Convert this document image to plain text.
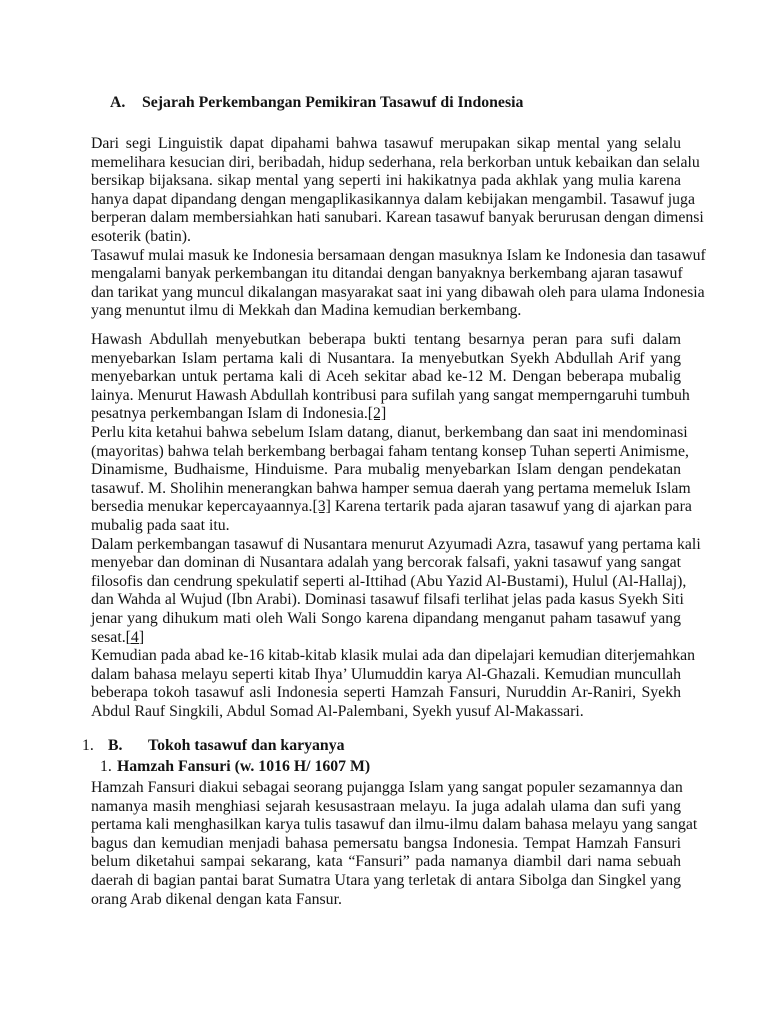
A. Sejarah Perkembangan Pemikiran Tasawuf di Indonesia
Dari segi Linguistik dapat dipahami bahwa tasawuf merupakan sikap mental yang selalu
memelihara kesucian diri, beribadah, hidup sederhana, rela berkorban untuk kebaikan dan selalu
bersikap bijaksana. sikap mental yang seperti ini hakikatnya pada akhlak yang mulia karena
hanya dapat dipandang dengan mengaplikasikannya dalam kebijakan mengambil. Tasawuf juga
berperan dalam membersiahkan hati sanubari. Karean tasawuf banyak berurusan dengan dimensi
esoterik (batin).
Tasawuf mulai masuk ke Indonesia bersamaan dengan masuknya Islam ke Indonesia dan tasawuf
mengalami banyak perkembangan itu ditandai dengan banyaknya berkembang ajaran tasawuf
dan tarikat yang muncul dikalangan masyarakat saat ini yang dibawah oleh para ulama Indonesia
yang menuntut ilmu di Mekkah dan Madina kemudian berkembang.
Hawash Abdullah menyebutkan beberapa bukti tentang besarnya peran para sufi dalam
menyebarkan Islam pertama kali di Nusantara. Ia menyebutkan Syekh Abdullah Arif yang
menyebarkan untuk pertama kali di Aceh sekitar abad ke-12 M. Dengan beberapa mubalig
lainya. Menurut Hawash Abdullah kontribusi para sufilah yang sangat memperngaruhi tumbuh
pesatnya perkembangan Islam di Indonesia.[2]
Perlu kita ketahui bahwa sebelum Islam datang, dianut, berkembang dan saat ini mendominasi
(mayoritas) bahwa telah berkembang berbagai faham tentang konsep Tuhan seperti Animisme,
Dinamisme, Budhaisme, Hinduisme. Para mubalig menyebarkan Islam dengan pendekatan
tasawuf. M. Sholihin menerangkan bahwa hamper semua daerah yang pertama memeluk Islam
bersedia menukar kepercayaannya.[3] Karena tertarik pada ajaran tasawuf yang di ajarkan para
mubalig pada saat itu.
Dalam perkembangan tasawuf di Nusantara menurut Azyumadi Azra, tasawuf yang pertama kali
menyebar dan dominan di Nusantara adalah yang bercorak falsafi, yakni tasawuf yang sangat
filosofis dan cendrung spekulatif seperti al-Ittihad (Abu Yazid Al-Bustami), Hulul (Al-Hallaj),
dan Wahda al Wujud (Ibn Arabi). Dominasi tasawuf filsafi terlihat jelas pada kasus Syekh Siti
jenar yang dihukum mati oleh Wali Songo karena dipandang menganut paham tasawuf yang
sesat.[4]
Kemudian pada abad ke-16 kitab-kitab klasik mulai ada dan dipelajari kemudian diterjemahkan
dalam bahasa melayu seperti kitab Ihya’ Ulumuddin karya Al-Ghazali. Kemudian muncullah
beberapa tokoh tasawuf asli Indonesia seperti Hamzah Fansuri, Nuruddin Ar-Raniri, Syekh
Abdul Rauf Singkili, Abdul Somad Al-Palembani, Syekh yusuf Al-Makassari.
1. B. Tokoh tasawuf dan karyanya
1. Hamzah Fansuri (w. 1016 H/ 1607 M)
Hamzah Fansuri diakui sebagai seorang pujangga Islam yang sangat populer sezamannya dan
namanya masih menghiasi sejarah kesusastraan melayu. Ia juga adalah ulama dan sufi yang
pertama kali menghasilkan karya tulis tasawuf dan ilmu-ilmu dalam bahasa melayu yang sangat
bagus dan kemudian menjadi bahasa pemersatu bangsa Indonesia. Tempat Hamzah Fansuri
belum diketahui sampai sekarang, kata “Fansuri” pada namanya diambil dari nama sebuah
daerah di bagian pantai barat Sumatra Utara yang terletak di antara Sibolga dan Singkel yang
orang Arab dikenal dengan kata Fansur.
